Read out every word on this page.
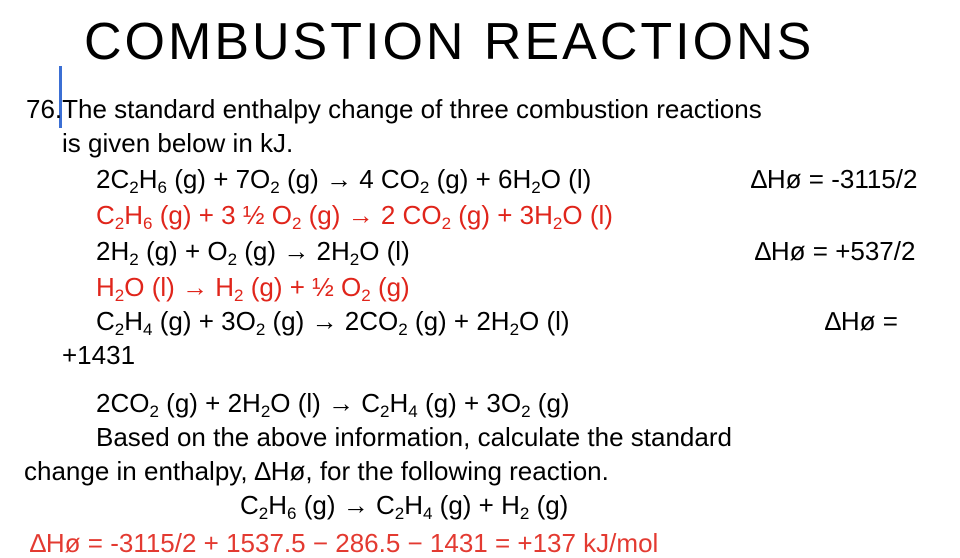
COMBUSTION REACTIONS
76.The standard enthalpy change of three combustion reactions
is given below in kJ.
$2C_2H_6$ $(g) + 7O_2$ (g) → 4 $CO_2$ $(g) + 6H_2O$ (l)	∆Hø = -3115/2
$C_2H_6$ (g) + 3 ½ $O_2$ (g) → 2 $CO_2$ $(g) + 3H_2O$ (l)
$2H_2$ $(g) + O_2$ $(g) \to 2H_2O$ (l)	∆Hø = +537/2
$H_2O$ $(l) \to H_2$ (g) + ½ $O_2$ (g)
$C_2H_4$ $(g) + 3O_2$ $(g) \to 2CO_2$ $(g) + 2H_2O$ (l)	∆Hø =
+1431
$2CO_2$ $(g) + 2H_2O$ $(l) \to C_2H_4$ $(g) + 3O_2$ (g)
Based on the above information, calculate the standard
change in enthalpy, ∆Hø, for the following reaction.
$C_2H_6$ $(g) \to C_2H_4$ $(g) + H_2$ (g)
∆Hø = -3115/2 + 1537.5 − 286.5 − 1431 = +137 kJ/mol
